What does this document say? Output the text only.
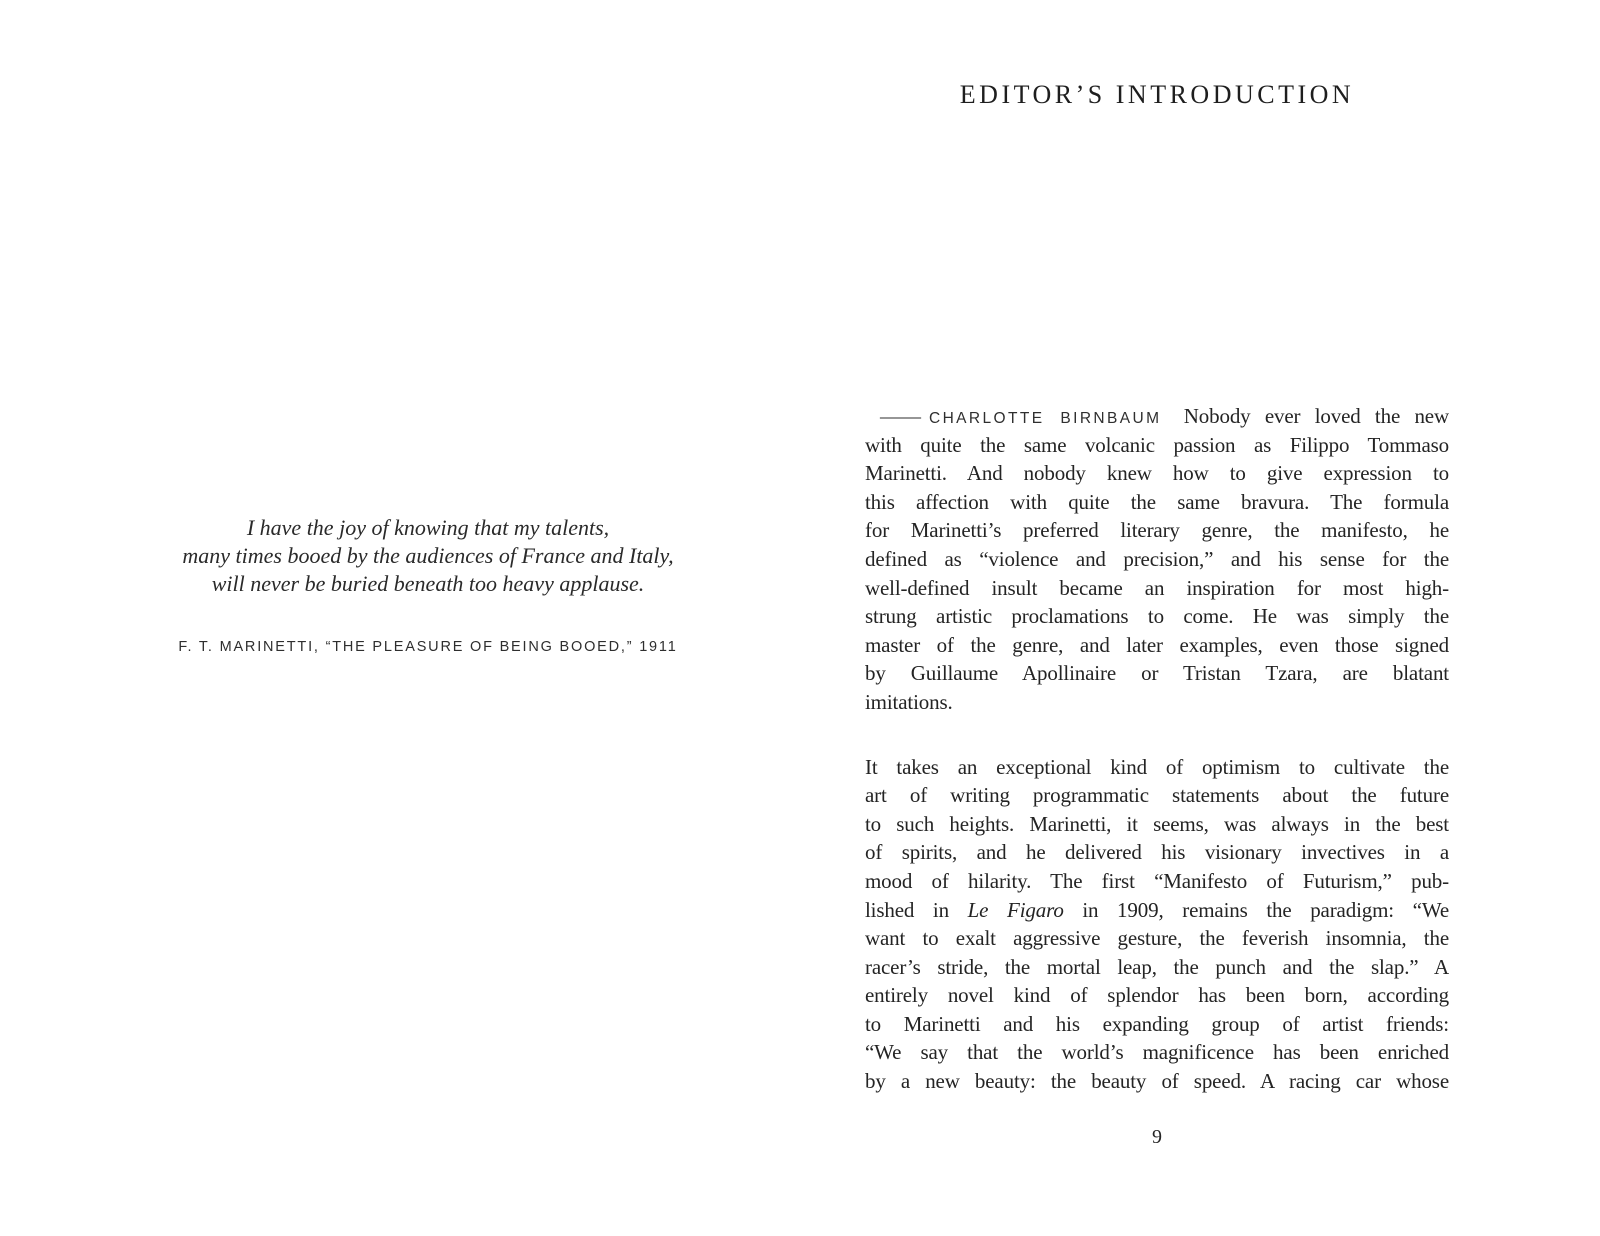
I have the joy of knowing that my talents,
many times booed by the audiences of France and Italy,
will never be buried beneath too heavy applause.
F. T. MARINETTI, “THE PLEASURE OF BEING BOOED,” 1911
EDITOR’S INTRODUCTION
—— CHARLOTTE BIRNBAUM Nobody ever loved the new
with quite the same volcanic passion as Filippo Tommaso
Marinetti. And nobody knew how to give expression to
this affection with quite the same bravura. The formula
for Marinetti’s preferred literary genre, the manifesto, he
defined as “violence and precision,” and his sense for the
well-defined insult became an inspiration for most high-
strung artistic proclamations to come. He was simply the
master of the genre, and later examples, even those signed
by Guillaume Apollinaire or Tristan Tzara, are blatant
imitations.
It takes an exceptional kind of optimism to cultivate the
art of writing programmatic statements about the future
to such heights. Marinetti, it seems, was always in the best
of spirits, and he delivered his visionary invectives in a
mood of hilarity. The first “Manifesto of Futurism,” pub-
lished in Le Figaro in 1909, remains the paradigm: “We
want to exalt aggressive gesture, the feverish insomnia, the
racer’s stride, the mortal leap, the punch and the slap.” A
entirely novel kind of splendor has been born, according
to Marinetti and his expanding group of artist friends:
“We say that the world’s magnificence has been enriched
by a new beauty: the beauty of speed. A racing car whose
9
